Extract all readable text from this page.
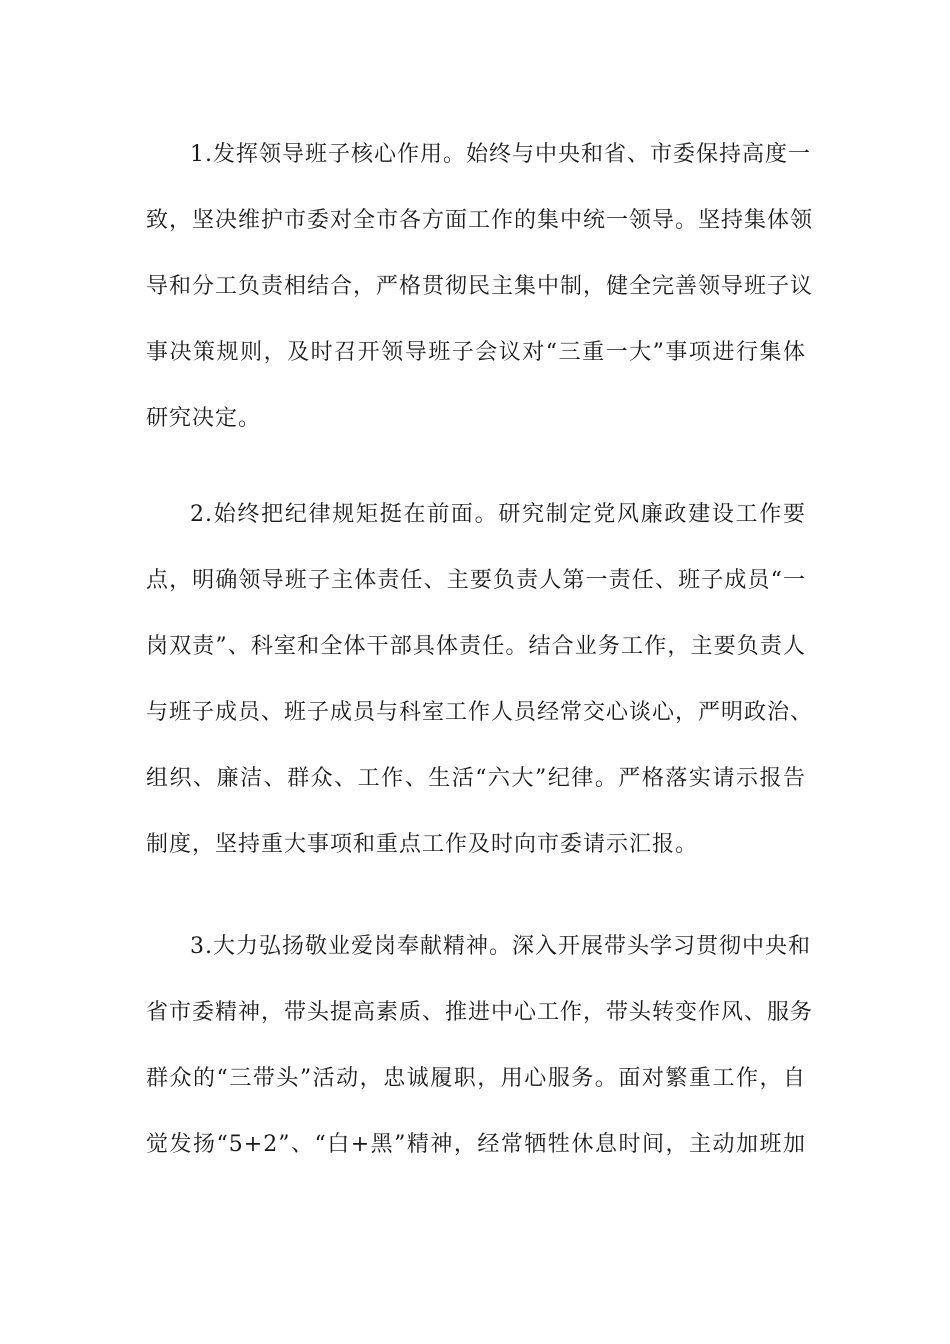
1.发挥领导班子核心作用。始终与中央和省、市委保持高度一
致，坚决维护市委对全市各方面工作的集中统一领导。坚持集体领
导和分工负责相结合，严格贯彻民主集中制，健全完善领导班子议
事决策规则，及时召开领导班子会议对“三重一大”事项进行集体
研究决定。
2.始终把纪律规矩挺在前面。研究制定党风廉政建设工作要
点，明确领导班子主体责任、主要负责人第一责任、班子成员“一
岗双责”、科室和全体干部具体责任。结合业务工作，主要负责人
与班子成员、班子成员与科室工作人员经常交心谈心，严明政治、
组织、廉洁、群众、工作、生活“六大”纪律。严格落实请示报告
制度，坚持重大事项和重点工作及时向市委请示汇报。
3.大力弘扬敬业爱岗奉献精神。深入开展带头学习贯彻中央和
省市委精神，带头提高素质、推进中心工作，带头转变作风、服务
群众的“三带头”活动，忠诚履职，用心服务。面对繁重工作，自
觉发扬“5+2”、“白+黑”精神，经常牺牲休息时间，主动加班加
